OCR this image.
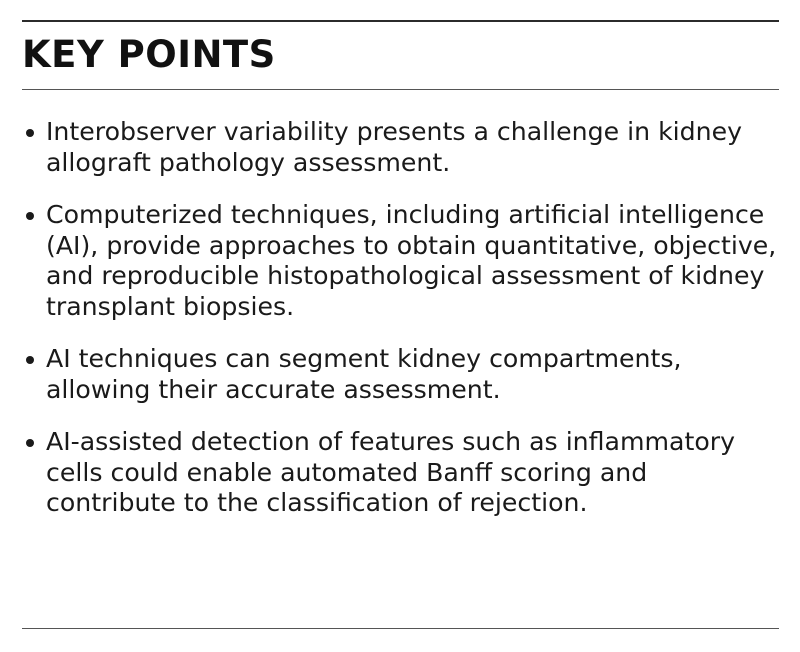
KEY POINTS
Interobserver variability presents a challenge in kidney allograft pathology assessment.
Computerized techniques, including artificial intelligence (AI), provide approaches to obtain quantitative, objective, and reproducible histopathological assessment of kidney transplant biopsies.
AI techniques can segment kidney compartments, allowing their accurate assessment.
AI-assisted detection of features such as inflammatory cells could enable automated Banff scoring and contribute to the classification of rejection.
